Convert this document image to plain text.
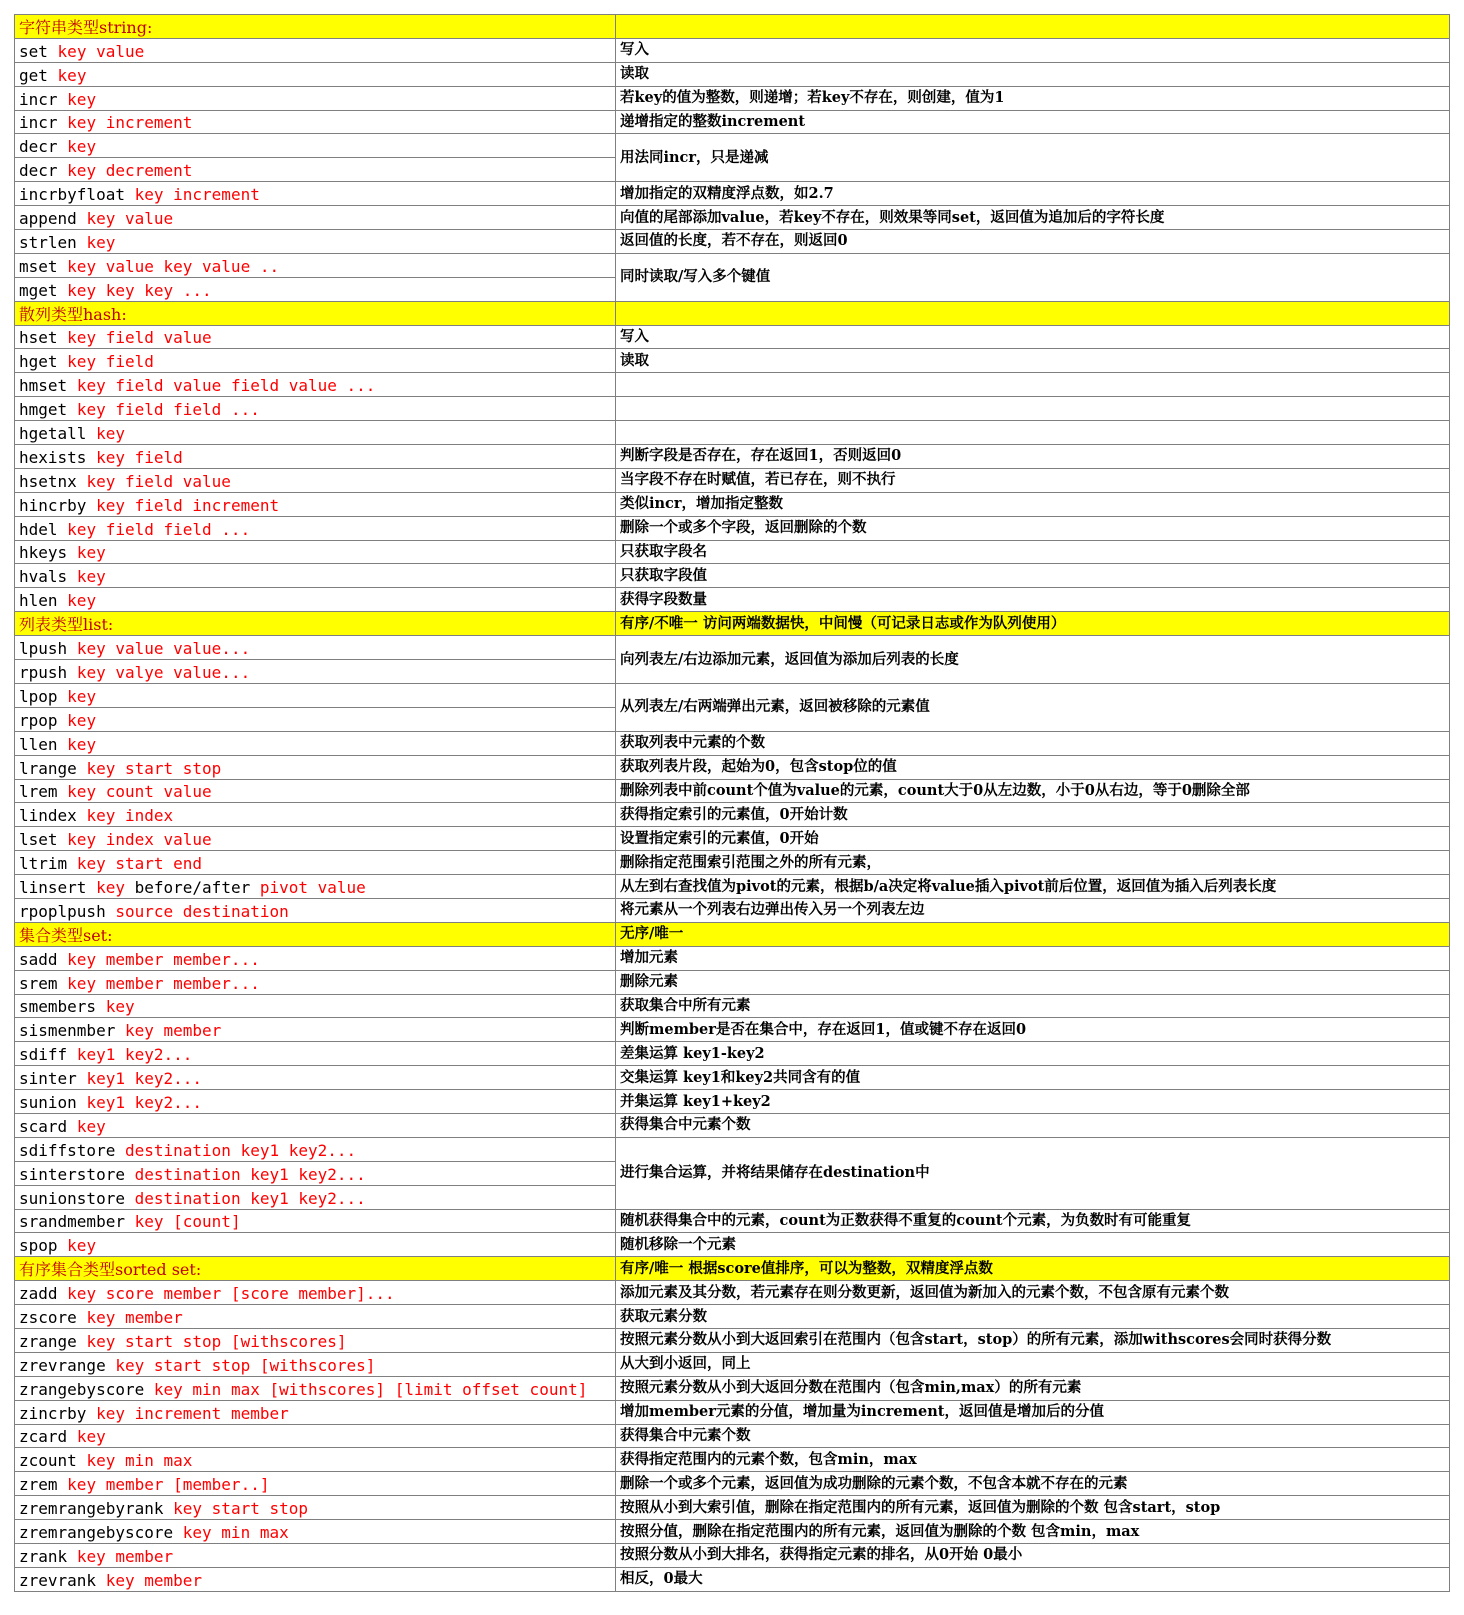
字符串类型string:	
set key value	写入
get key	读取
incr key	若key的值为整数，则递增；若key不存在，则创建，值为1
incr key increment	递增指定的整数increment
decr key	用法同incr，只是递减
decr key decrement	
incrbyfloat key increment	增加指定的双精度浮点数，如2.7
append key value	向值的尾部添加value，若key不存在，则效果等同set，返回值为追加后的字符长度
strlen key	返回值的长度，若不存在，则返回0
mset key value key value ..	同时读取/写入多个键值
mget key key key ...	
散列类型hash:	
hset key field value	写入
hget key field	读取
hmset key field value field value ...	
hmget key field field ...	
hgetall key	
hexists key field	判断字段是否存在，存在返回1，否则返回0
hsetnx key field value	当字段不存在时赋值，若已存在，则不执行
hincrby key field increment	类似incr，增加指定整数
hdel key field field ...	删除一个或多个字段，返回删除的个数
hkeys key	只获取字段名
hvals key	只获取字段值
hlen key	获得字段数量
列表类型list:	有序/不唯一 访问两端数据快，中间慢（可记录日志或作为队列使用）
lpush key value value...	向列表左/右边添加元素，返回值为添加后列表的长度
rpush key valye value...	
lpop key	从列表左/右两端弹出元素，返回被移除的元素值
rpop key	
llen key	获取列表中元素的个数
lrange key start stop	获取列表片段，起始为0，包含stop位的值
lrem key count value	删除列表中前count个值为value的元素，count大于0从左边数，小于0从右边，等于0删除全部
lindex key index	获得指定索引的元素值，0开始计数
lset key index value	设置指定索引的元素值，0开始
ltrim key start end	删除指定范围索引范围之外的所有元素，
linsert key before/after pivot value	从左到右查找值为pivot的元素，根据b/a决定将value插入pivot前后位置，返回值为插入后列表长度
rpoplpush source destination	将元素从一个列表右边弹出传入另一个列表左边
集合类型set:	无序/唯一
sadd key member member...	增加元素
srem key member member...	删除元素
smembers key	获取集合中所有元素
sismenmber key member	判断member是否在集合中，存在返回1，值或键不存在返回0
sdiff key1 key2...	差集运算 key1-key2
sinter key1 key2...	交集运算 key1和key2共同含有的值
sunion key1 key2...	并集运算 key1+key2
scard key	获得集合中元素个数
sdiffstore destination key1 key2...	进行集合运算，并将结果储存在destination中
sinterstore destination key1 key2...	
sunionstore destination key1 key2...	
srandmember key [count]	随机获得集合中的元素，count为正数获得不重复的count个元素，为负数时有可能重复
spop key	随机移除一个元素
有序集合类型sorted set:	有序/唯一 根据score值排序，可以为整数，双精度浮点数
zadd key score member [score member]...	添加元素及其分数，若元素存在则分数更新，返回值为新加入的元素个数，不包含原有元素个数
zscore key member	获取元素分数
zrange key start stop [withscores]	按照元素分数从小到大返回索引在范围内（包含start，stop）的所有元素，添加withscores会同时获得分数
zrevrange key start stop [withscores]	从大到小返回，同上
zrangebyscore key min max [withscores] [limit offset count]	按照元素分数从小到大返回分数在范围内（包含min,max）的所有元素
zincrby key increment member	增加member元素的分值，增加量为increment，返回值是增加后的分值
zcard key	获得集合中元素个数
zcount key min max	获得指定范围内的元素个数，包含min，max
zrem key member [member..]	删除一个或多个元素，返回值为成功删除的元素个数，不包含本就不存在的元素
zremrangebyrank key start stop	按照从小到大索引值，删除在指定范围内的所有元素，返回值为删除的个数 包含start，stop
zremrangebyscore key min max	按照分值，删除在指定范围内的所有元素，返回值为删除的个数 包含min，max
zrank key member	按照分数从小到大排名，获得指定元素的排名，从0开始 0最小
zrevrank key member	相反，0最大
